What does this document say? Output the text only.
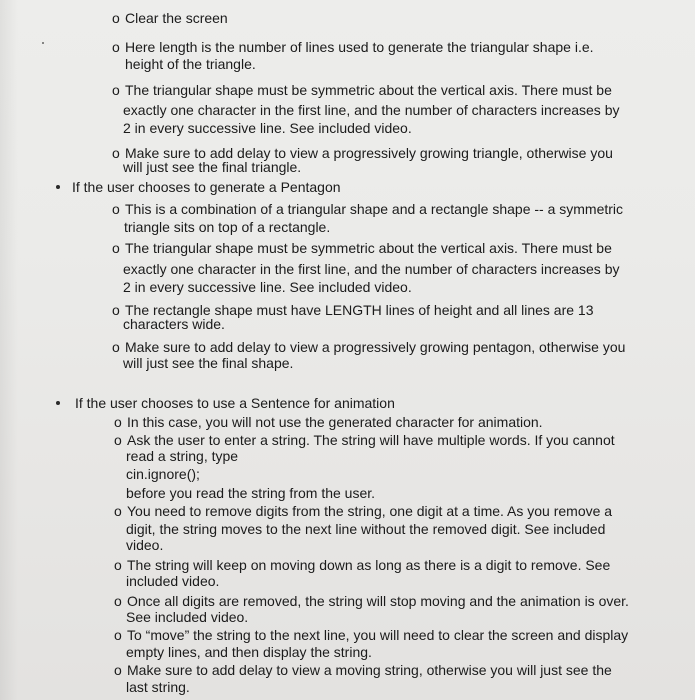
o Clear the screen
o Here length is the number of lines used to generate the triangular shape i.e.
height of the triangle.
o The triangular shape must be symmetric about the vertical axis. There must be
exactly one character in the first line, and the number of characters increases by
2 in every successive line. See included video.
o Make sure to add delay to view a progressively growing triangle, otherwise you
will just see the final triangle.
If the user chooses to generate a Pentagon
o This is a combination of a triangular shape and a rectangle shape -- a symmetric
triangle sits on top of a rectangle.
o The triangular shape must be symmetric about the vertical axis. There must be
exactly one character in the first line, and the number of characters increases by
2 in every successive line. See included video.
o The rectangle shape must have LENGTH lines of height and all lines are 13
characters wide.
o Make sure to add delay to view a progressively growing pentagon, otherwise you
will just see the final shape.
If the user chooses to use a Sentence for animation
o In this case, you will not use the generated character for animation.
o Ask the user to enter a string. The string will have multiple words. If you cannot
read a string, type
cin.ignore();
before you read the string from the user.
o You need to remove digits from the string, one digit at a time. As you remove a
digit, the string moves to the next line without the removed digit. See included
video.
o The string will keep on moving down as long as there is a digit to remove. See
included video.
o Once all digits are removed, the string will stop moving and the animation is over.
See included video.
o To “move” the string to the next line, you will need to clear the screen and display
empty lines, and then display the string.
o Make sure to add delay to view a moving string, otherwise you will just see the
last string.
